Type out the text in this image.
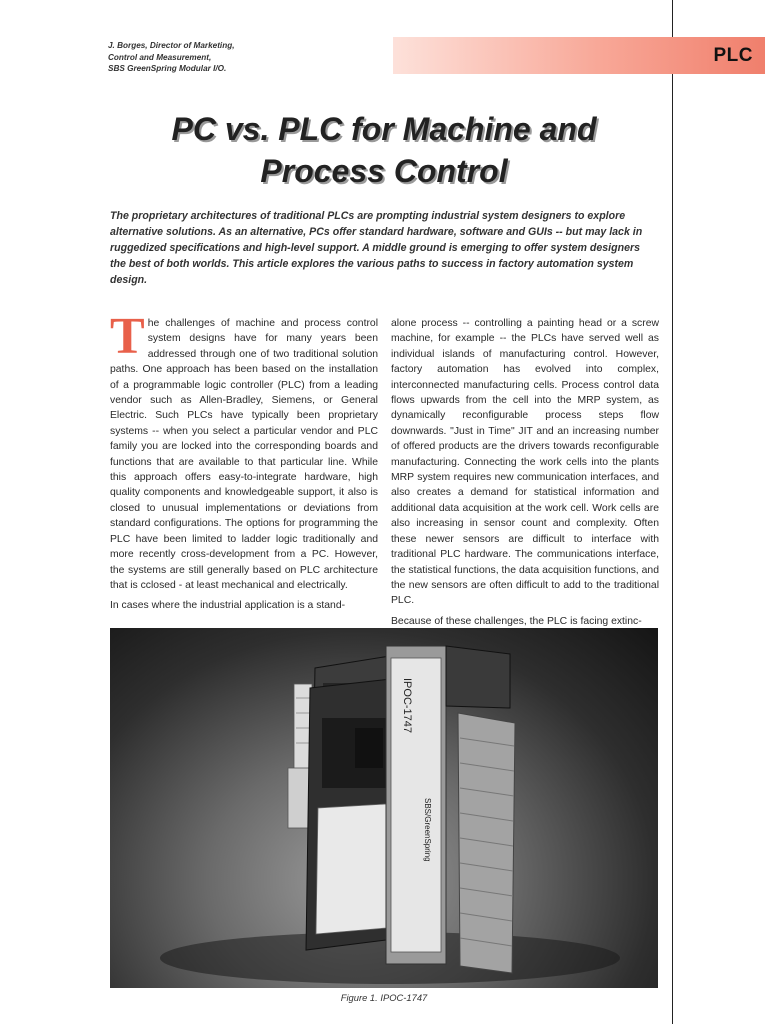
J. Borges, Director of Marketing,
Control and Measurement,
SBS GreenSpring Modular I/O.
PLC
PC vs. PLC for Machine and
Process Control
The proprietary architectures of traditional PLCs are prompting industrial system designers to explore alternative solutions. As an alternative, PCs offer standard hardware, software and GUIs -- but may lack in ruggedized specifications and high-level support. A middle ground is emerging to offer system designers the best of both worlds. This article explores the various paths to success in factory automation system design.

The challenges of machine and process control system designs have for many years been addressed through one of two traditional solution paths. One approach has been based on the installation of a programmable logic controller (PLC) from a leading vendor such as Allen-Bradley, Siemens, or General Electric. Such PLCs have typically been proprietary systems -- when you select a particular vendor and PLC family you are locked into the corresponding boards and functions that are available to that particular line. While this approach offers easy-to-integrate hardware, high quality components and knowledgeable support, it also is closed to unusual implementations or deviations from standard configurations. The options for programming the PLC have been limited to ladder logic traditionally and more recently cross-development from a PC. However, the systems are still generally based on PLC architecture that is cclosed - at least mechanical and electrically.

In cases where the industrial application is a stand-

alone process -- controlling a painting head or a screw machine, for example -- the PLCs have served well as individual islands of manufacturing control. However, factory automation has evolved into complex, interconnected manufacturing cells. Process control data flows upwards from the cell into the MRP system, as dynamically reconfigurable process steps flow downwards. "Just in Time" JIT and an increasing number of offered products are the drivers towards reconfigurable manufacturing. Connecting the work cells into the plants MRP system requires new communication interfaces, and also creates a demand for statistical information and additional data acquisition at the work cell. Work cells are also increasing in sensor count and complexity. Often these newer sensors are difficult to interface with traditional PLC hardware. The communications interface, the statistical functions, the data acquisition functions, and the new sensors are often difficult to add to the traditional PLC.

Because of these challenges, the PLC is facing extinc-

IPOC-1747
SBS/GreenSpring
Figure 1. IPOC-1747
